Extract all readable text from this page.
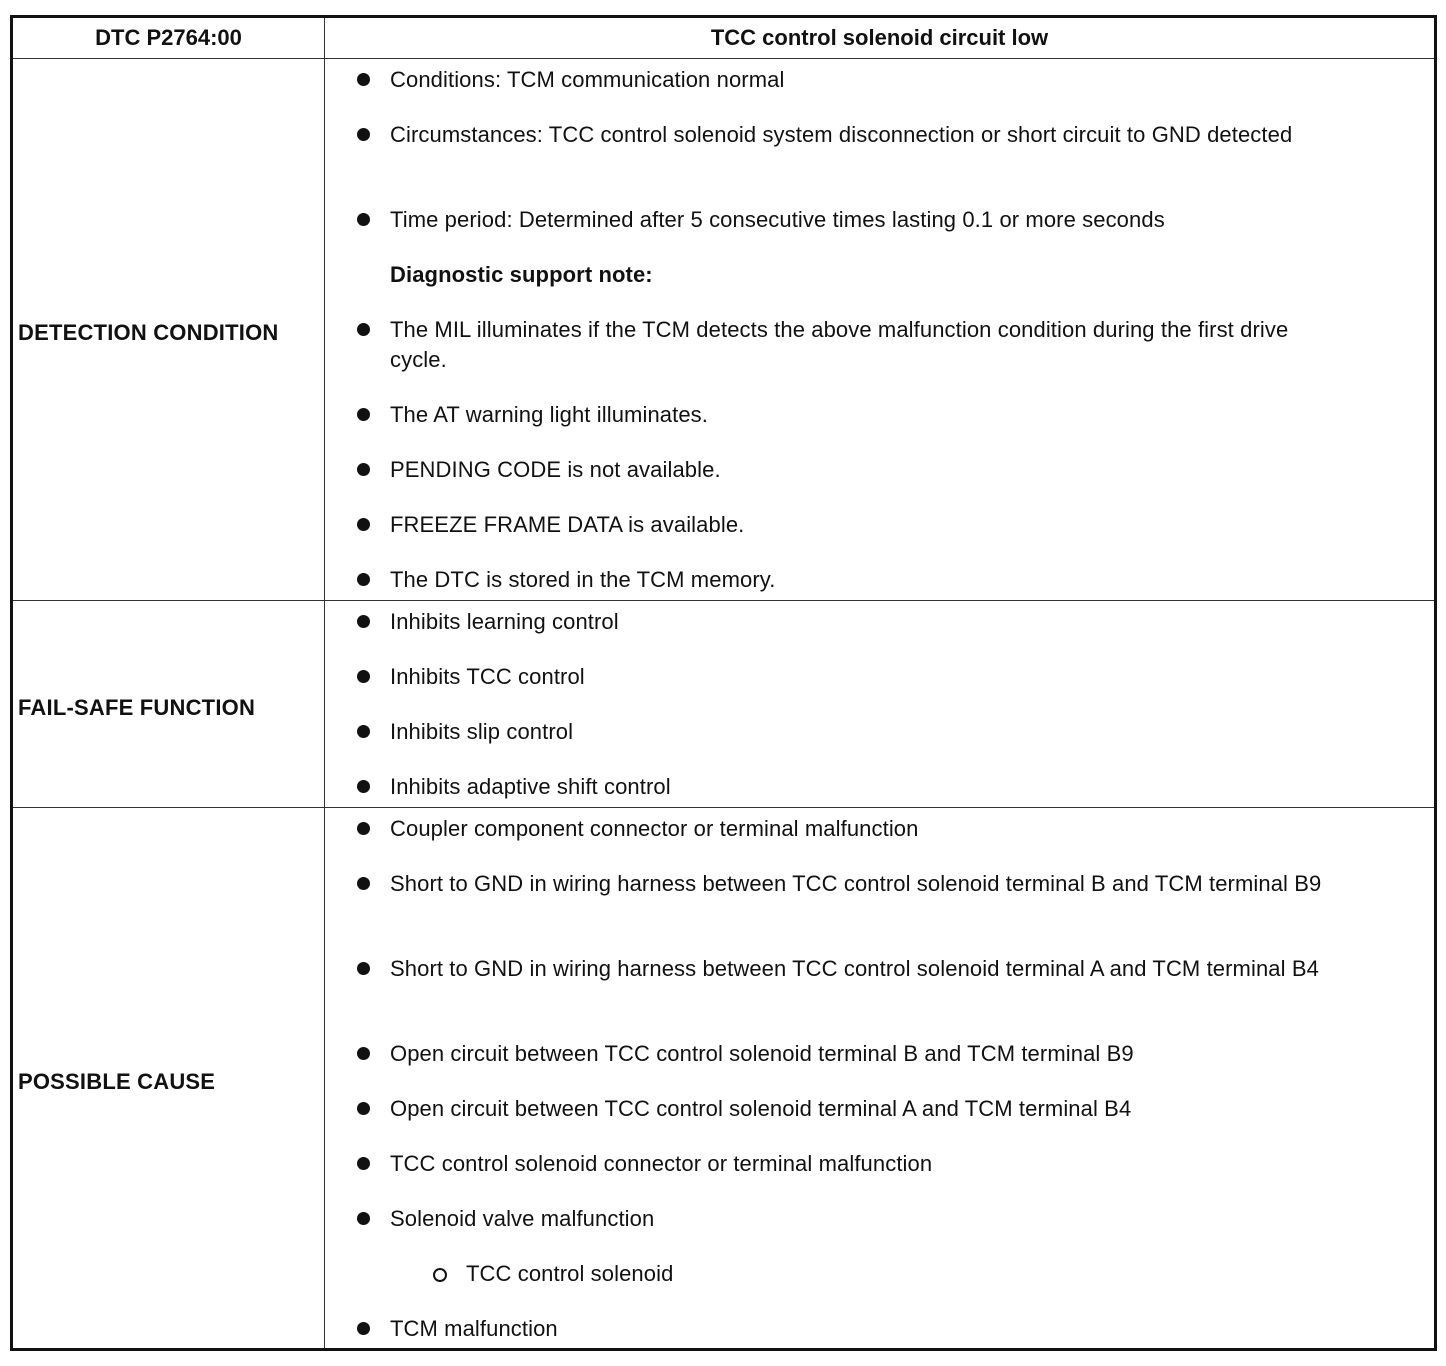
DTC P2764:00	TCC control solenoid circuit low
DETECTION CONDITION
FAIL-SAFE FUNCTION
POSSIBLE CAUSE
Conditions: TCM communication normal
Circumstances: TCC control solenoid system disconnection or short circuit to GND detected
Time period: Determined after 5 consecutive times lasting 0.1 or more seconds
Diagnostic support note:
The MIL illuminates if the TCM detects the above malfunction condition during the first drive cycle.
The AT warning light illuminates.
PENDING CODE is not available.
FREEZE FRAME DATA is available.
The DTC is stored in the TCM memory.
Inhibits learning control
Inhibits TCC control
Inhibits slip control
Inhibits adaptive shift control
Coupler component connector or terminal malfunction
Short to GND in wiring harness between TCC control solenoid terminal B and TCM terminal B9
Short to GND in wiring harness between TCC control solenoid terminal A and TCM terminal B4
Open circuit between TCC control solenoid terminal B and TCM terminal B9
Open circuit between TCC control solenoid terminal A and TCM terminal B4
TCC control solenoid connector or terminal malfunction
Solenoid valve malfunction
TCC control solenoid
TCM malfunction
